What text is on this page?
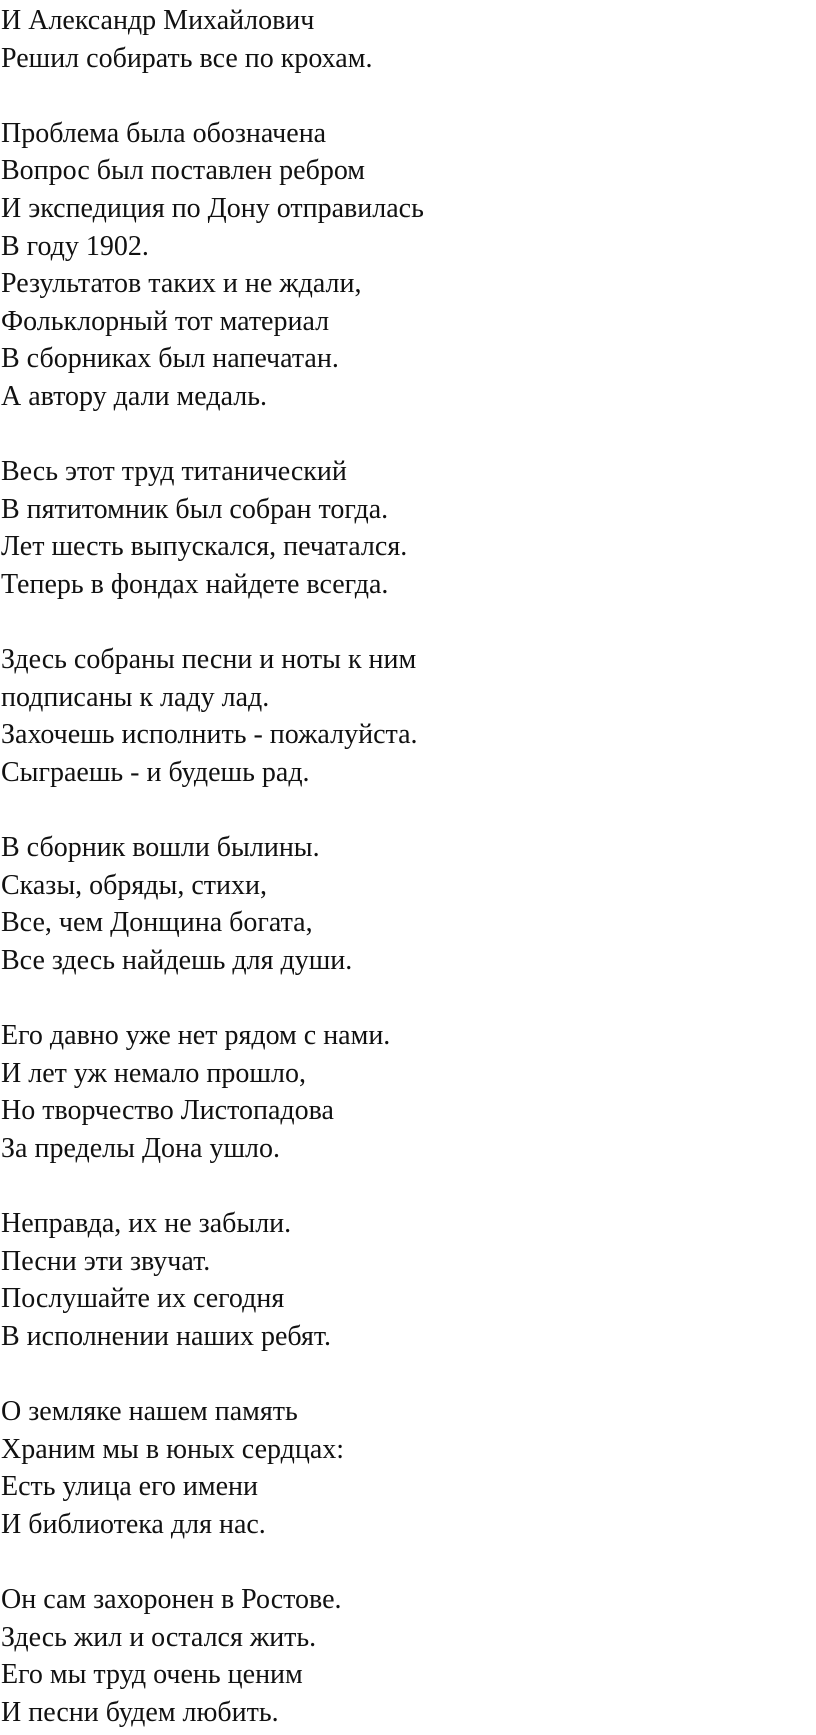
И Александр Михайлович
Решил собирать все по крохам.
Проблема была обозначена
Вопрос был поставлен ребром
И экспедиция по Дону отправилась
В году 1902.
Результатов таких и не ждали,
Фольклорный тот материал
В сборниках был напечатан.
А автору дали медаль.
Весь этот труд титанический
В пятитомник был собран тогда.
Лет шесть выпускался, печатался.
Теперь в фондах найдете всегда.
Здесь собраны песни и ноты к ним
подписаны к ладу лад.
Захочешь исполнить - пожалуйста.
Сыграешь - и будешь рад.
В сборник вошли былины.
Сказы, обряды, стихи,
Все, чем Донщина богата,
Все здесь найдешь для души.
Его давно уже нет рядом с нами.
И лет уж немало прошло,
Но творчество Листопадова
За пределы Дона ушло.
Неправда, их не забыли.
Песни эти звучат.
Послушайте их сегодня
В исполнении наших ребят.
О земляке нашем память
Храним мы в юных сердцах:
Есть улица его имени
И библиотека для нас.
Он сам захоронен в Ростове.
Здесь жил и остался жить.
Его мы труд очень ценим
И песни будем любить.
